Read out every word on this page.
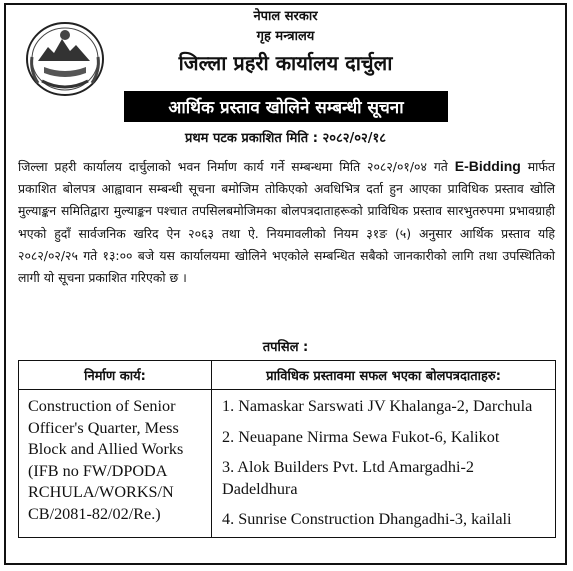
नेपाल सरकार
गृह मन्त्रालय
जिल्ला प्रहरी कार्यालय दार्चुला
आर्थिक प्रस्ताव खोलिने सम्बन्धी सूचना
प्रथम पटक प्रकाशित मिति : २०८२/०२/१८
जिल्ला प्रहरी कार्यालय दार्चुलाको भवन निर्माण कार्य गर्ने सम्बन्धमा मिति २०८२/०१/०४ गते E-Bidding मार्फत प्रकाशित बोलपत्र आह्वावान सम्बन्धी सूचना बमोजिम तोकिएको अवधिभित्र दर्ता हुन आएका प्राविधिक प्रस्ताव खोलि मुल्याङ्कन समितिद्वारा मुल्याङ्कन पश्चात तपसिलबमोजिमका बोलपत्रदाताहरूको प्राविधिक प्रस्ताव सारभुतरुपमा प्रभावग्राही भएको हुदाँ सार्वजनिक खरिद ऐन २०६३ तथा ऐ. नियमावलीको नियम ३१ङ (५) अनुसार आर्थिक प्रस्ताव यहि २०८२/०२/२५ गते १३:०० बजे यस कार्यालयमा खोलिने भएकोले सम्बन्धित सबैको जानकारीको लागि तथा उपस्थितिको लागी यो सूचना प्रकाशित गरिएको छ ।
तपसिल :
निर्माण कार्य:	प्राविधिक प्रस्तावमा सफल भएका बोलपत्रदाताहरु:
Construction of Senior Officer's Quarter, Mess Block and Allied Works (IFB no FW/DPODA RCHULA/WORKS/N CB/2081-82/02/Re.)	1. Namaskar Sarswati JV Khalanga-2, Darchula
2. Neuapane Nirma Sewa Fukot-6, Kalikot
3. Alok Builders Pvt. Ltd Amargadhi-2 Dadeldhura
4. Sunrise Construction Dhangadhi-3, kailali
